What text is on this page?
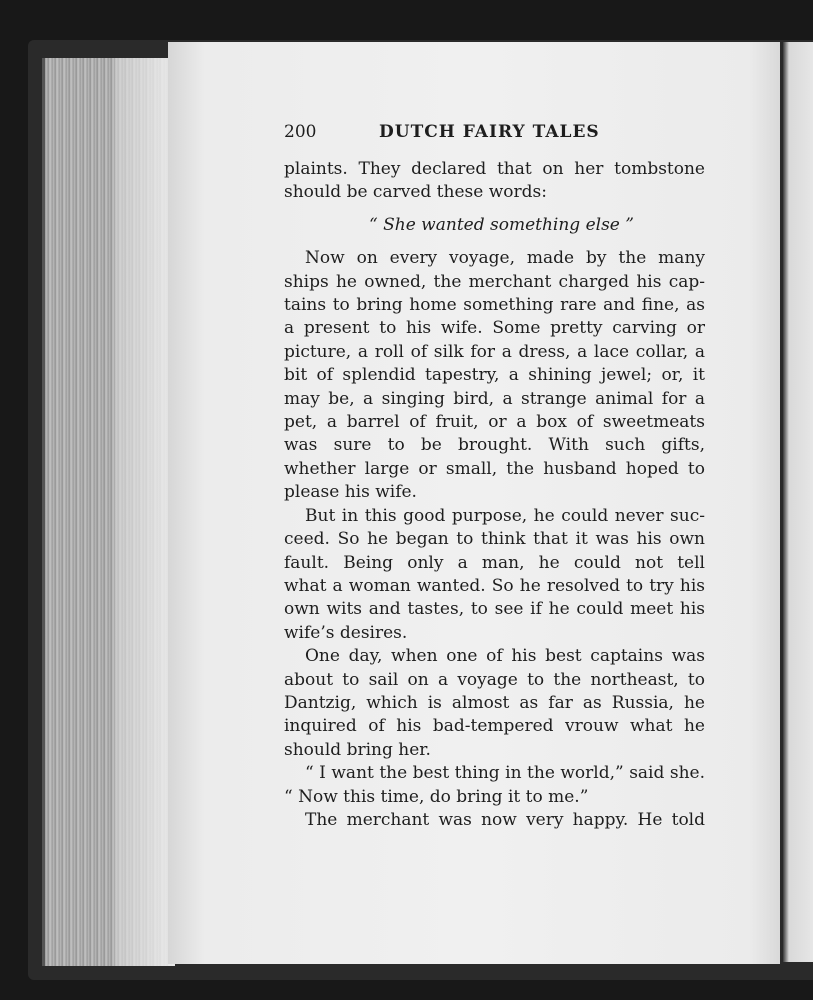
200	DUTCH FAIRY TALES
plaints. They declared that on her tombstone
should be carved these words:
“ She wanted something else ”
Now on every voyage, made by the many
ships he owned, the merchant charged his cap-
tains to bring home something rare and fine, as
a present to his wife. Some pretty carving or
picture, a roll of silk for a dress, a lace collar, a
bit of splendid tapestry, a shining jewel; or, it
may be, a singing bird, a strange animal for a
pet, a barrel of fruit, or a box of sweetmeats
was sure to be brought. With such gifts,
whether large or small, the husband hoped to
please his wife.
But in this good purpose, he could never suc-
ceed. So he began to think that it was his own
fault. Being only a man, he could not tell
what a woman wanted. So he resolved to try his
own wits and tastes, to see if he could meet his
wife’s desires.
One day, when one of his best captains was
about to sail on a voyage to the northeast, to
Dantzig, which is almost as far as Russia, he
inquired of his bad-tempered vrouw what he
should bring her.
“ I want the best thing in the world,” said she.
“ Now this time, do bring it to me.”
The merchant was now very happy. He told
